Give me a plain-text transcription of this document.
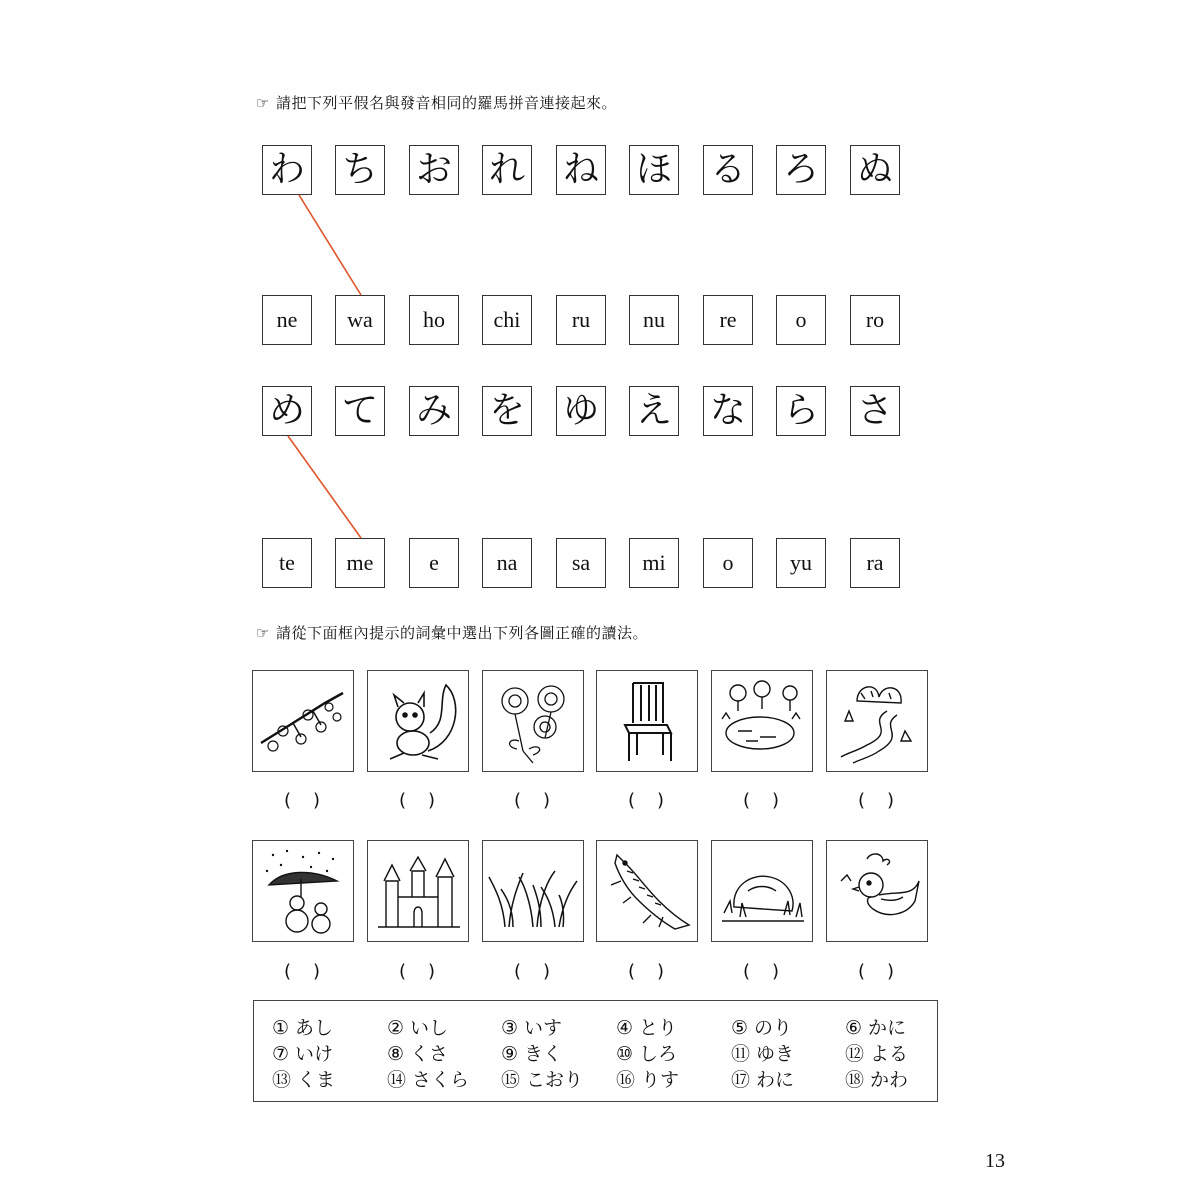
☞ 請把下列平假名與發音相同的羅馬拼音連接起來。
わ ち お れ ね ほ る ろ ぬ
ne wa ho chi ru nu re	o	ro
め て み を ゆ え な ら さ
te me	e	na sa mi	o	yu ra
☞ 請從下面框內提示的詞彙中選出下列各圖正確的讀法。
(　)	(　)	(　)	(　)	(　)	(　)
(　)	(　)	(　)	(　)	(　)	(　)
① あし	② いし	③ いす	④ とり	⑤ のり	⑥ かに
⑦ いけ	⑧ くさ	⑨ きく	⑩ しろ	⑪ ゆき	⑫ よる
⑬ くま	⑭ さくら ⑮ こおり ⑯ りす	⑰ わに	⑱ かわ
13
